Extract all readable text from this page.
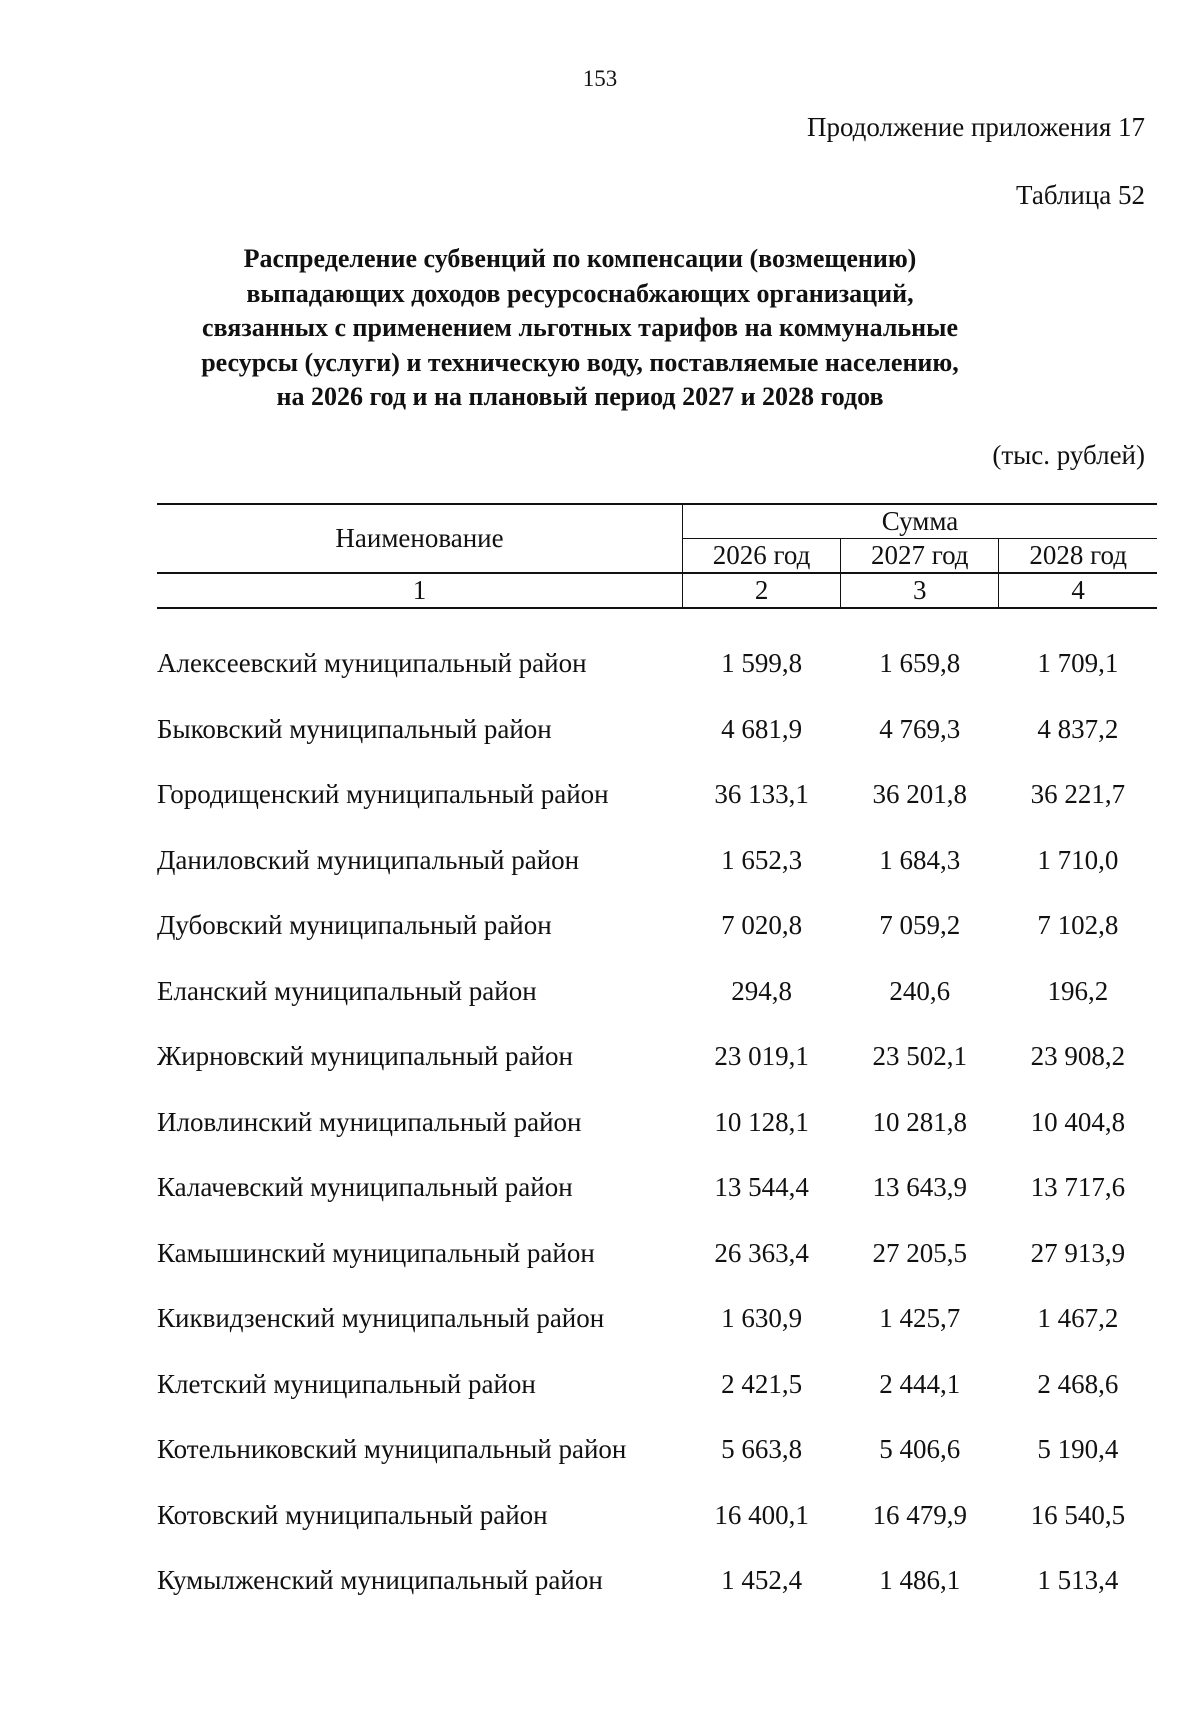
153
Продолжение приложения 17
Таблица 52
Распределение субвенций по компенсации (возмещению)
выпадающих доходов ресурсоснабжающих организаций,
связанных с применением льготных тарифов на коммунальные
ресурсы (услуги) и техническую воду, поставляемые населению,
на 2026 год и на плановый период 2027 и 2028 годов
(тыс. рублей)
Наименование	Сумма		
	2026 год	2027 год	2028 год
1	2	3	4

Алексеевский муниципальный район	1 599,8	1 659,8	1 709,1
Быковский муниципальный район	4 681,9	4 769,3	4 837,2
Городищенский муниципальный район	36 133,1	36 201,8	36 221,7
Даниловский муниципальный район	1 652,3	1 684,3	1 710,0
Дубовский муниципальный район	7 020,8	7 059,2	7 102,8
Еланский муниципальный район	294,8	240,6	196,2
Жирновский муниципальный район	23 019,1	23 502,1	23 908,2
Иловлинский муниципальный район	10 128,1	10 281,8	10 404,8
Калачевский муниципальный район	13 544,4	13 643,9	13 717,6
Камышинский муниципальный район	26 363,4	27 205,5	27 913,9
Киквидзенский муниципальный район	1 630,9	1 425,7	1 467,2
Клетский муниципальный район	2 421,5	2 444,1	2 468,6
Котельниковский муниципальный район	5 663,8	5 406,6	5 190,4
Котовский муниципальный район	16 400,1	16 479,9	16 540,5
Кумылженский муниципальный район	1 452,4	1 486,1	1 513,4
